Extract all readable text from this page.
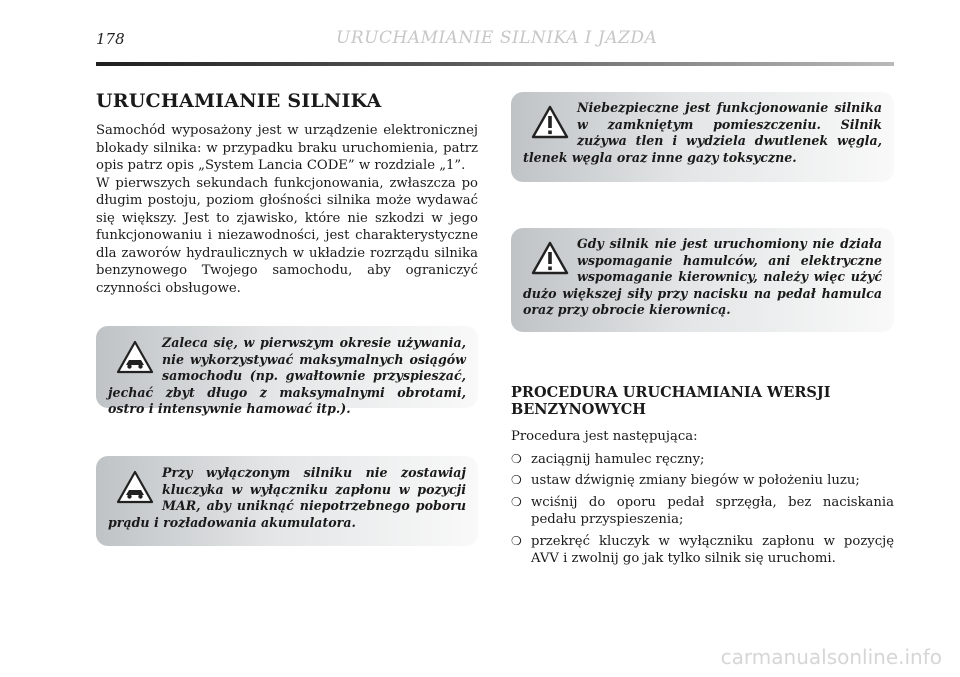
178	URUCHAMIANIE SILNIKA I JAZDA
URUCHAMIANIE SILNIKA

Samochód wyposażony jest w urządzenie elektronicznej blokady silnika: w przypadku braku uruchomienia, patrz opis patrz opis „System Lancia CODE” w rozdziale „1”.
W pierwszych sekundach funkcjonowania, zwłaszcza po długim postoju, poziom głośności silnika może wydawać się większy. Jest to zjawisko, które nie szkodzi w jego funkcjonowaniu i niezawodności, jest charakterystyczne dla zaworów hydraulicznych w układzie rozrządu silnika benzynowego Twojego samochodu, aby ograniczyć czynności obsługowe.

Zaleca się, w pierwszym okresie używania, nie wykorzystywać maksymalnych osiągów samochodu (np. gwałtownie przyspieszać, jechać zbyt długo z maksymalnymi obrotami, ostro i intensywnie hamować itp.).

Przy wyłączonym silniku nie zostawiaj kluczyka w wyłączniku zapłonu w pozycji MAR, aby uniknąć niepotrzebnego poboru prądu i rozładowania akumulatora.

Niebezpieczne jest funkcjonowanie silnika w zamkniętym pomieszczeniu. Silnik zużywa tlen i wydziela dwutlenek węgla, tlenek węgla oraz inne gazy toksyczne.

Gdy silnik nie jest uruchomiony nie działa wspomaganie hamulców, ani elektryczne wspomaganie kierownicy, należy więc użyć dużo większej siły przy nacisku na pedał hamulca oraz przy obrocie kierownicą.

PROCEDURA URUCHAMIANIA WERSJI BENZYNOWYCH

Procedura jest następująca:

❍ zaciągnij hamulec ręczny;
❍ ustaw dźwignię zmiany biegów w położeniu luzu;
❍ wciśnij do oporu pedał sprzęgła, bez naciskania pedału przyspieszenia;
❍ przekręć kluczyk w wyłączniku zapłonu w pozycję AVV i zwolnij go jak tylko silnik się uruchomi.
carmanualsonline.info
